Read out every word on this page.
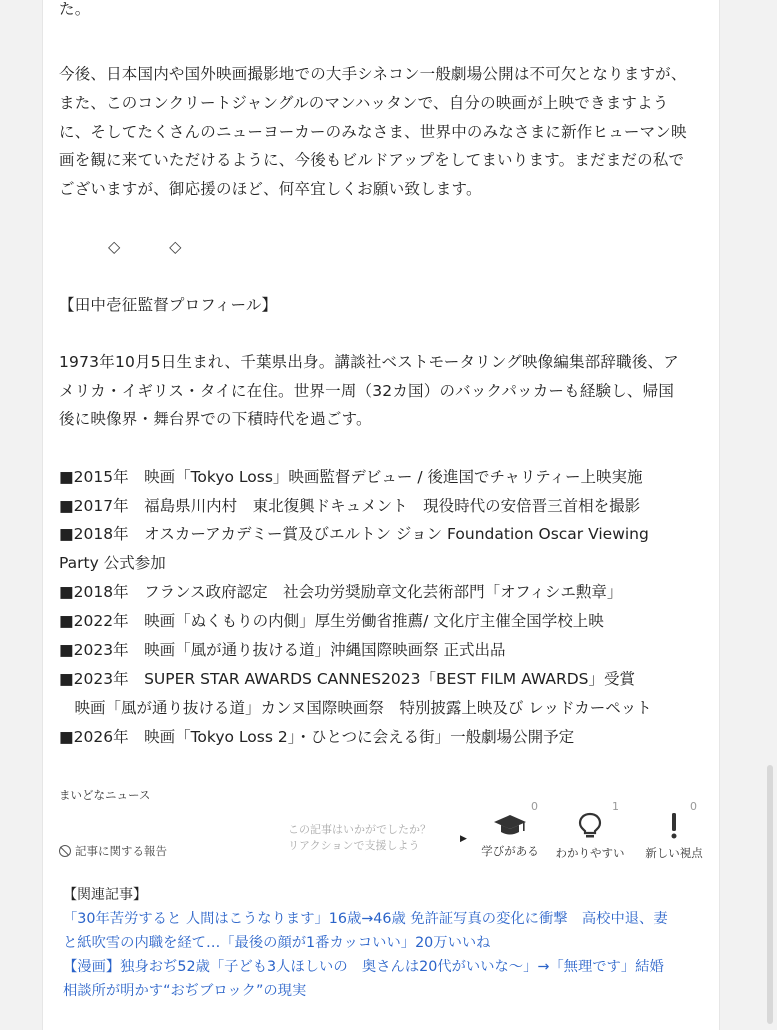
た。
今後、日本国内や国外映画撮影地での大手シネコン一般劇場公開は不可欠となりますが、
また、このコンクリートジャングルのマンハッタンで、自分の映画が上映できますよう
に、そしてたくさんのニューヨーカーのみなさま、世界中のみなさまに新作ヒューマン映
画を観に来ていただけるように、今後もビルドアップをしてまいります。まだまだの私で
ございますが、御応援のほど、何卒宜しくお願い致します。
◇　　　◇
【田中壱征監督プロフィール】
1973年10月5日生まれ、千葉県出身。講談社ベストモータリング映像編集部辞職後、ア
メリカ・イギリス・タイに在住。世界一周（32カ国）のバックパッカーも経験し、帰国
後に映像界・舞台界での下積時代を過ごす。
■2015年　映画「Tokyo Loss」映画監督デビュー / 後進国でチャリティー上映実施
■2017年　福島県川内村　東北復興ドキュメント　現役時代の安倍晋三首相を撮影
■2018年　オスカーアカデミー賞及びエルトン ジョン Foundation Oscar Viewing
Party 公式参加
■2018年　フランス政府認定　社会功労奨励章文化芸術部門「オフィシエ勲章」
■2022年　映画「ぬくもりの内側」厚生労働省推薦/ 文化庁主催全国学校上映
■2023年　映画「風が通り抜ける道」沖縄国際映画祭 正式出品
■2023年　SUPER STAR AWARDS CANNES2023「BEST FILM AWARDS」受賞
　映画「風が通り抜ける道」カンヌ国際映画祭　特別披露上映及び レッドカーペット
■2026年　映画「Tokyo Loss 2」・ひとつに会える街」一般劇場公開予定
まいどなニュース
記事に関する報告
この記事はいかがでしたか？
リアクションで支援しよう	▶
0
学びがある
1
わかりやすい
0
新しい視点
【関連記事】
「30年苦労すると 人間はこうなります」16歳→46歳 免許証写真の変化に衝撃　高校中退、妻
と紙吹雪の内職を経て…「最後の顔が1番カッコいい」20万いいね
【漫画】独身おぢ52歳「子ども3人ほしいの　奥さんは20代がいいな〜」→「無理です」結婚
相談所が明かす“おぢブロック”の現実
